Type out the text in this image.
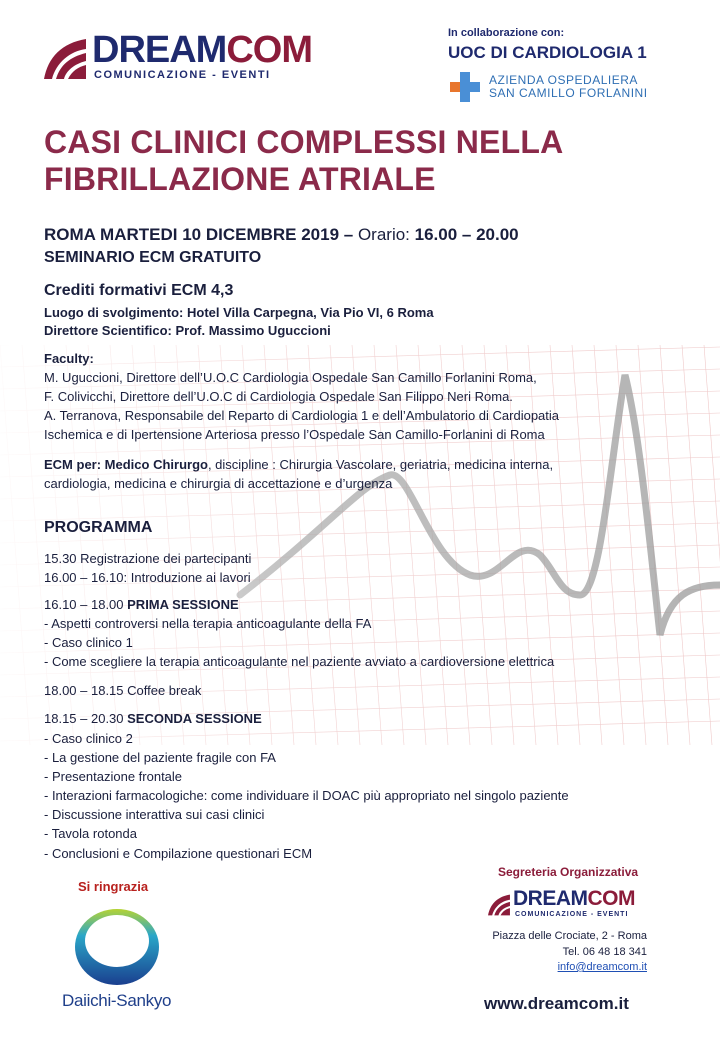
DREAMCOM
COMUNICAZIONE - EVENTI
In collaborazione con:
UOC DI CARDIOLOGIA 1
AZIENDA OSPEDALIERA
SAN CAMILLO FORLANINI
CASI CLINICI COMPLESSI NELLA
FIBRILLAZIONE ATRIALE
ROMA MARTEDI 10 DICEMBRE 2019 – Orario: 16.00 – 20.00
SEMINARIO ECM GRATUITO
Crediti formativi ECM 4,3
Luogo di svolgimento: Hotel Villa Carpegna, Via Pio VI, 6 Roma
Direttore Scientifico: Prof. Massimo Uguccioni
Faculty:
M. Uguccioni, Direttore dell’U.O.C Cardiologia Ospedale San Camillo Forlanini Roma,
F. Colivicchi, Direttore dell’U.O.C di Cardiologia Ospedale San Filippo Neri Roma.
A. Terranova, Responsabile del Reparto di Cardiologia 1 e dell’Ambulatorio di Cardiopatia
Ischemica e di Ipertensione Arteriosa presso l’Ospedale San Camillo-Forlanini di Roma
ECM per: Medico Chirurgo, discipline : Chirurgia Vascolare, geriatria, medicina interna,
cardiologia, medicina e chirurgia di accettazione e d’urgenza
PROGRAMMA
15.30 Registrazione dei partecipanti
16.00 – 16.10: Introduzione ai lavori
16.10 – 18.00 PRIMA SESSIONE
- Aspetti controversi nella terapia anticoagulante della FA
- Caso clinico 1
- Come scegliere la terapia anticoagulante nel paziente avviato a cardioversione elettrica
18.00 – 18.15 Coffee break
18.15 – 20.30 SECONDA SESSIONE
- Caso clinico 2
- La gestione del paziente fragile con FA
- Presentazione frontale
- Interazioni farmacologiche: come individuare il DOAC più appropriato nel singolo paziente
- Discussione interattiva sui casi clinici
- Tavola rotonda
- Conclusioni e Compilazione questionari ECM
Si ringrazia
Daiichi-Sankyo
Segreteria Organizzativa
DREAMCOM
COMUNICAZIONE - EVENTI
Piazza delle Crociate, 2 - Roma
Tel. 06 48 18 341
info@dreamcom.it
www.dreamcom.it
